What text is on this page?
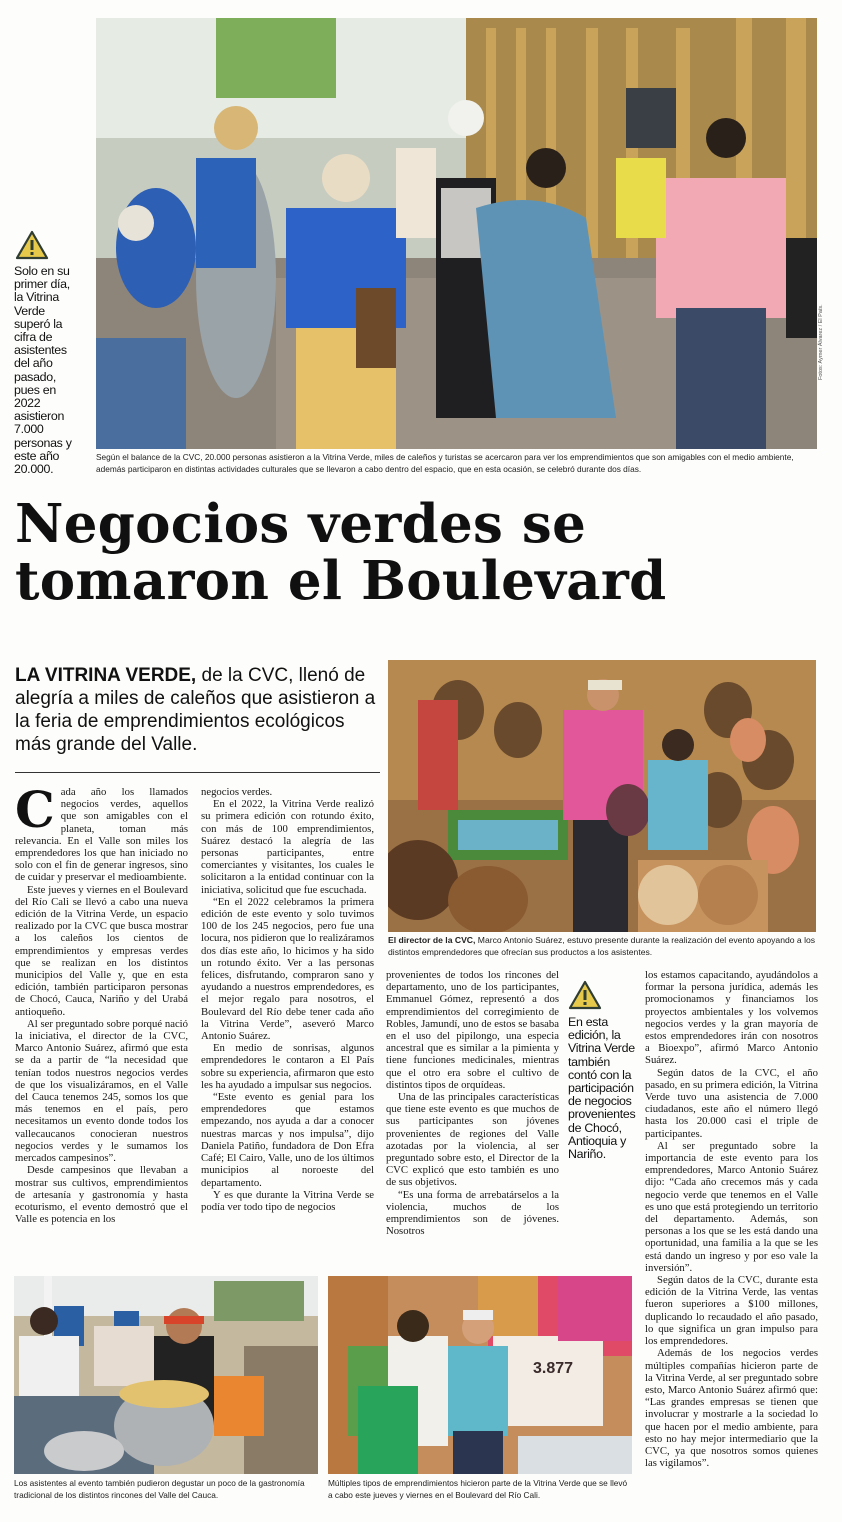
Fotos: Aymer Álvarez / El País.
Solo en su primer día, la Vitrina Verde superó la cifra de asistentes del año pasado, pues en 2022 asistieron 7.000 personas y este año 20.000.
Según el balance de la CVC, 20.000 personas asistieron a la Vitrina Verde, miles de caleños y turistas se acercaron para ver los emprendimientos que son amigables con el medio ambiente, además participaron en distintas actividades culturales que se llevaron a cabo dentro del espacio, que en esta ocasión, se celebró durante dos días.
Negocios verdes se tomaron el Boulevard
LA VITRINA VERDE, de la CVC, llenó de alegría a miles de caleños que asistieron a la feria de emprendimientos ecológicos más grande del Valle.
El director de la CVC, Marco Antonio Suárez, estuvo presente durante la realización del evento apoyando a los distintos emprendedores que ofrecían sus productos a los asistentes.

Cada año los llamados negocios verdes, aquellos que son amigables con el planeta, toman más relevancia. En el Valle son miles los emprendedores los que han iniciado no solo con el fin de generar ingresos, sino de cuidar y preservar el medioambiente.

Este jueves y viernes en el Boulevard del Río Cali se llevó a cabo una nueva edición de la Vitrina Verde, un espacio realizado por la CVC que busca mostrar a los caleños los cientos de emprendimientos y empresas verdes que se realizan en los distintos municipios del Valle y, que en esta edición, también participaron personas de Chocó, Cauca, Nariño y del Urabá antioqueño.

Al ser preguntado sobre porqué nació la iniciativa, el director de la CVC, Marco Antonio Suárez, afirmó que esta se da a partir de “la necesidad que tenían todos nuestros negocios verdes de que los visualizáramos, en el Valle del Cauca tenemos 245, somos los que más tenemos en el país, pero necesitamos un evento donde todos los vallecaucanos conocieran nuestros negocios verdes y le sumamos los mercados campesinos”.

Desde campesinos que llevaban a mostrar sus cultivos, emprendimientos de artesanía y gastronomía y hasta ecoturismo, el evento demostró que el Valle es potencia en los

negocios verdes.

En el 2022, la Vitrina Verde realizó su primera edición con rotundo éxito, con más de 100 emprendimientos, Suárez destacó la alegría de las personas participantes, entre comerciantes y visitantes, los cuales le solicitaron a la entidad continuar con la iniciativa, solicitud que fue escuchada.

“En el 2022 celebramos la primera edición de este evento y solo tuvimos 100 de los 245 negocios, pero fue una locura, nos pidieron que lo realizáramos dos días este año, lo hicimos y ha sido un rotundo éxito. Ver a las personas felices, disfrutando, compraron sano y ayudando a nuestros emprendedores, es el mejor regalo para nosotros, el Boulevard del Río debe tener cada año la Vitrina Verde”, aseveró Marco Antonio Suárez.

En medio de sonrisas, algunos emprendedores le contaron a El País sobre su experiencia, afirmaron que esto les ha ayudado a impulsar sus negocios.

“Este evento es genial para los emprendedores que estamos empezando, nos ayuda a dar a conocer nuestras marcas y nos impulsa”, dijo Daniela Patiño, fundadora de Don Efra Café; El Cairo, Valle, uno de los últimos municipios al noroeste del departamento.

Y es que durante la Vitrina Verde se podía ver todo tipo de negocios

provenientes de todos los rincones del departamento, uno de los participantes, Emmanuel Gómez, representó a dos emprendimientos del corregimiento de Robles, Jamundí, uno de estos se basaba en el uso del pipilongo, una especia ancestral que es similar a la pimienta y tiene funciones medicinales, mientras que el otro era sobre el cultivo de distintos tipos de orquídeas.

Una de las principales características que tiene este evento es que muchos de sus participantes son jóvenes provenientes de regiones del Valle azotadas por la violencia, al ser preguntado sobre esto, el Director de la CVC explicó que esto también es uno de sus objetivos.

“Es una forma de arrebatárselos a la violencia, muchos de los emprendimientos son de jóvenes. Nosotros

En esta edición, la Vitrina Verde también contó con la participación de negocios provenientes de Chocó, Antioquia y Nariño.

los estamos capacitando, ayudándolos a formar la persona jurídica, además les promocionamos y financiamos los proyectos ambientales y los volvemos negocios verdes y la gran mayoría de estos emprendedores irán con nosotros a Bioexpo”, afirmó Marco Antonio Suárez.

Según datos de la CVC, el año pasado, en su primera edición, la Vitrina Verde tuvo una asistencia de 7.000 ciudadanos, este año el número llegó hasta los 20.000 casi el triple de participantes.

Al ser preguntado sobre la importancia de este evento para los emprendedores, Marco Antonio Suárez dijo: “Cada año crecemos más y cada negocio verde que tenemos en el Valle es uno que está protegiendo un territorio del departamento. Además, son personas a los que se les está dando una oportunidad, una familia a la que se les está dando un ingreso y por eso vale la inversión”.

Según datos de la CVC, durante esta edición de la Vitrina Verde, las ventas fueron superiores a $100 millones, duplicando lo recaudado el año pasado, lo que significa un gran impulso para los emprendedores.

Además de los negocios verdes múltiples compañías hicieron parte de la Vitrina Verde, al ser preguntado sobre esto, Marco Antonio Suárez afirmó que: “Las grandes empresas se tienen que involucrar y mostrarle a la sociedad lo que hacen por el medio ambiente, para esto no hay mejor intermediario que la CVC, ya que nosotros somos quienes las vigilamos”.

Los asistentes al evento también pudieron degustar un poco de la gastronomía tradicional de los distintos rincones del Valle del Cauca.
3.877
Múltiples tipos de emprendimientos hicieron parte de la Vitrina Verde que se llevó a cabo este jueves y viernes en el Boulevard del Río Cali.
